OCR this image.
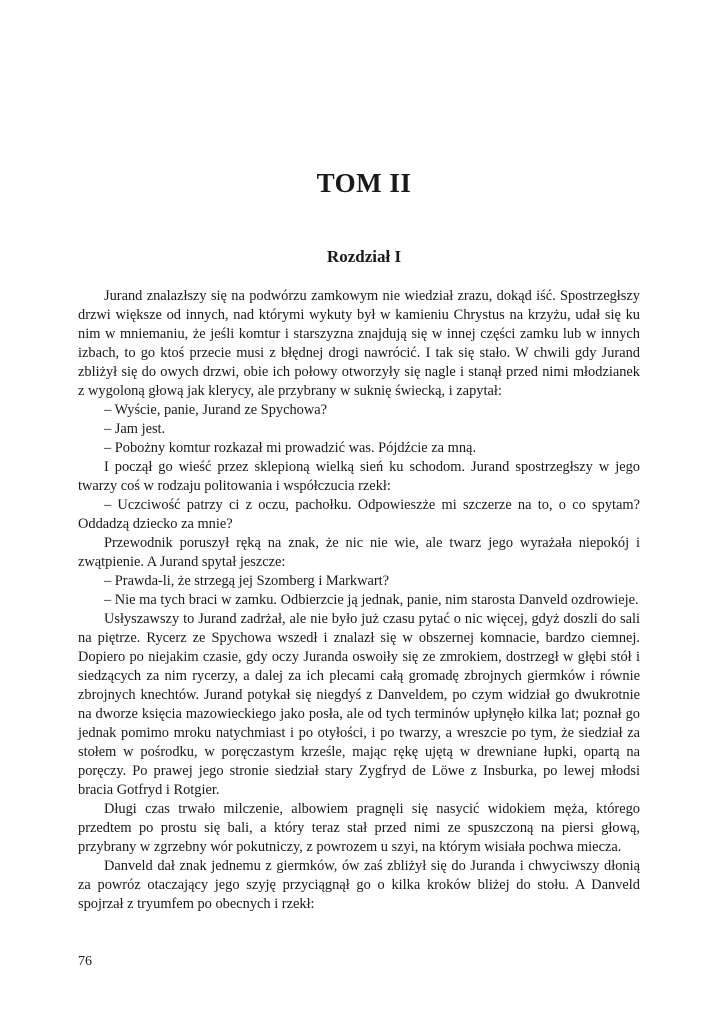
TOM II
Rozdział I

Jurand znalazłszy się na podwórzu zamkowym nie wiedział zrazu, dokąd iść. Spostrzegłszy drzwi większe od innych, nad którymi wykuty był w kamieniu Chrystus na krzyżu, udał się ku nim w mniemaniu, że jeśli komtur i starszyzna znajdują się w innej części zamku lub w innych izbach, to go ktoś przecie musi z błędnej drogi nawrócić. I tak się stało. W chwili gdy Jurand zbliżył się do owych drzwi, obie ich połowy otworzyły się nagle i stanął przed nimi młodzianek z wygoloną głową jak klerycy, ale przybrany w suknię świecką, i zapytał:

– Wyście, panie, Jurand ze Spychowa?

– Jam jest.

– Pobożny komtur rozkazał mi prowadzić was. Pójdźcie za mną.

I począł go wieść przez sklepioną wielką sień ku schodom. Jurand spostrzegłszy w jego twarzy coś w rodzaju politowania i współczucia rzekł:

– Uczciwość patrzy ci z oczu, pachołku. Odpowieszże mi szczerze na to, o co spytam? Oddadzą dziecko za mnie?

Przewodnik poruszył ręką na znak, że nic nie wie, ale twarz jego wyrażała niepokój i zwątpienie. A Jurand spytał jeszcze:

– Prawda-li, że strzegą jej Szomberg i Markwart?

– Nie ma tych braci w zamku. Odbierzcie ją jednak, panie, nim starosta Danveld ozdrowieje.

Usłyszawszy to Jurand zadrżał, ale nie było już czasu pytać o nic więcej, gdyż doszli do sali na piętrze. Rycerz ze Spychowa wszedł i znalazł się w obszernej komnacie, bardzo ciemnej. Dopiero po niejakim czasie, gdy oczy Juranda oswoiły się ze zmrokiem, dostrzegł w głębi stół i siedzących za nim rycerzy, a dalej za ich plecami całą gromadę zbrojnych giermków i równie zbrojnych knechtów. Jurand potykał się niegdyś z Danveldem, po czym widział go dwukrotnie na dworze księcia mazowieckiego jako posła, ale od tych terminów upłynęło kilka lat; poznał go jednak pomimo mroku natychmiast i po otyłości, i po twarzy, a wreszcie po tym, że siedział za stołem w pośrodku, w poręczastym krześle, mając rękę ujętą w drewniane łupki, opartą na poręczy. Po prawej jego stronie siedział stary Zygfryd de Löwe z Insburka, po lewej młodsi bracia Gotfryd i Rotgier.

Długi czas trwało milczenie, albowiem pragnęli się nasycić widokiem męża, którego przedtem po prostu się bali, a który teraz stał przed nimi ze spuszczoną na piersi głową, przybrany w zgrzebny wór pokutniczy, z powrozem u szyi, na którym wisiała pochwa miecza.

Danveld dał znak jednemu z giermków, ów zaś zbliżył się do Juranda i chwyciwszy dłonią za powróz otaczający jego szyję przyciągnął go o kilka kroków bliżej do stołu. A Danveld spojrzał z tryumfem po obecnych i rzekł:

76
